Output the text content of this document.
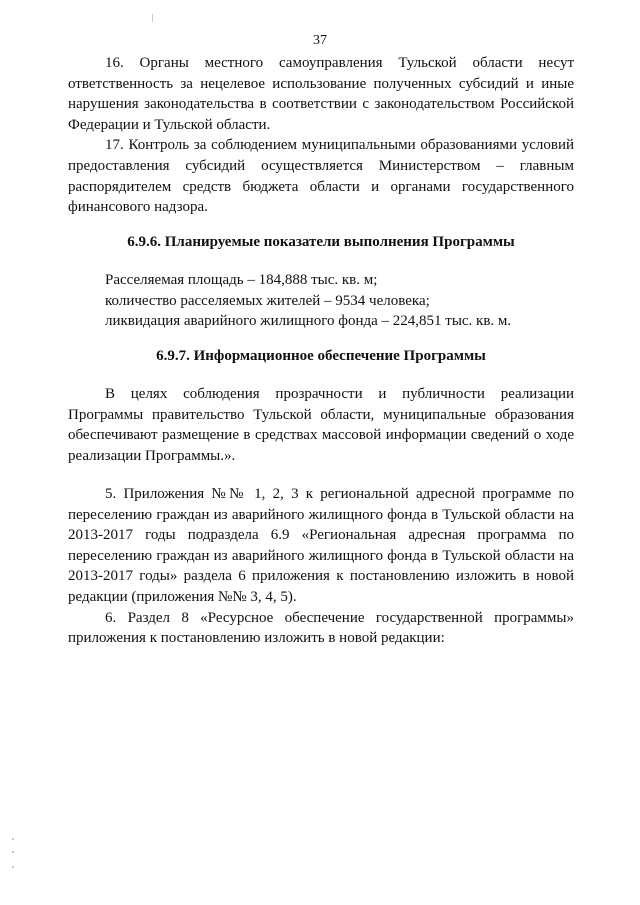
37

16. Органы местного самоуправления Тульской области несут ответственность за нецелевое использование полученных субсидий и иные нарушения законодательства в соответствии с законодательством Российской Федерации и Тульской области.

17. Контроль за соблюдением муниципальными образованиями условий предоставления субсидий осуществляется Министерством – главным распорядителем средств бюджета области и органами государственного финансового надзора.

6.9.6. Планируемые показатели выполнения Программы

Расселяемая площадь – 184,888 тыс. кв. м;

количество расселяемых жителей – 9534 человека;

ликвидация аварийного жилищного фонда – 224,851 тыс. кв. м.

6.9.7. Информационное обеспечение Программы

В целях соблюдения прозрачности и публичности реализации Программы правительство Тульской области, муниципальные образования обеспечивают размещение в средствах массовой информации сведений о ходе реализации Программы.».

5. Приложения №№ 1, 2, 3 к региональной адресной программе по переселению граждан из аварийного жилищного фонда в Тульской области на 2013-2017 годы подраздела 6.9 «Региональная адресная программа по переселению граждан из аварийного жилищного фонда в Тульской области на 2013-2017 годы» раздела 6 приложения к постановлению изложить в новой редакции (приложения №№ 3, 4, 5).

6. Раздел 8 «Ресурсное обеспечение государственной программы» приложения к постановлению изложить в новой редакции:
